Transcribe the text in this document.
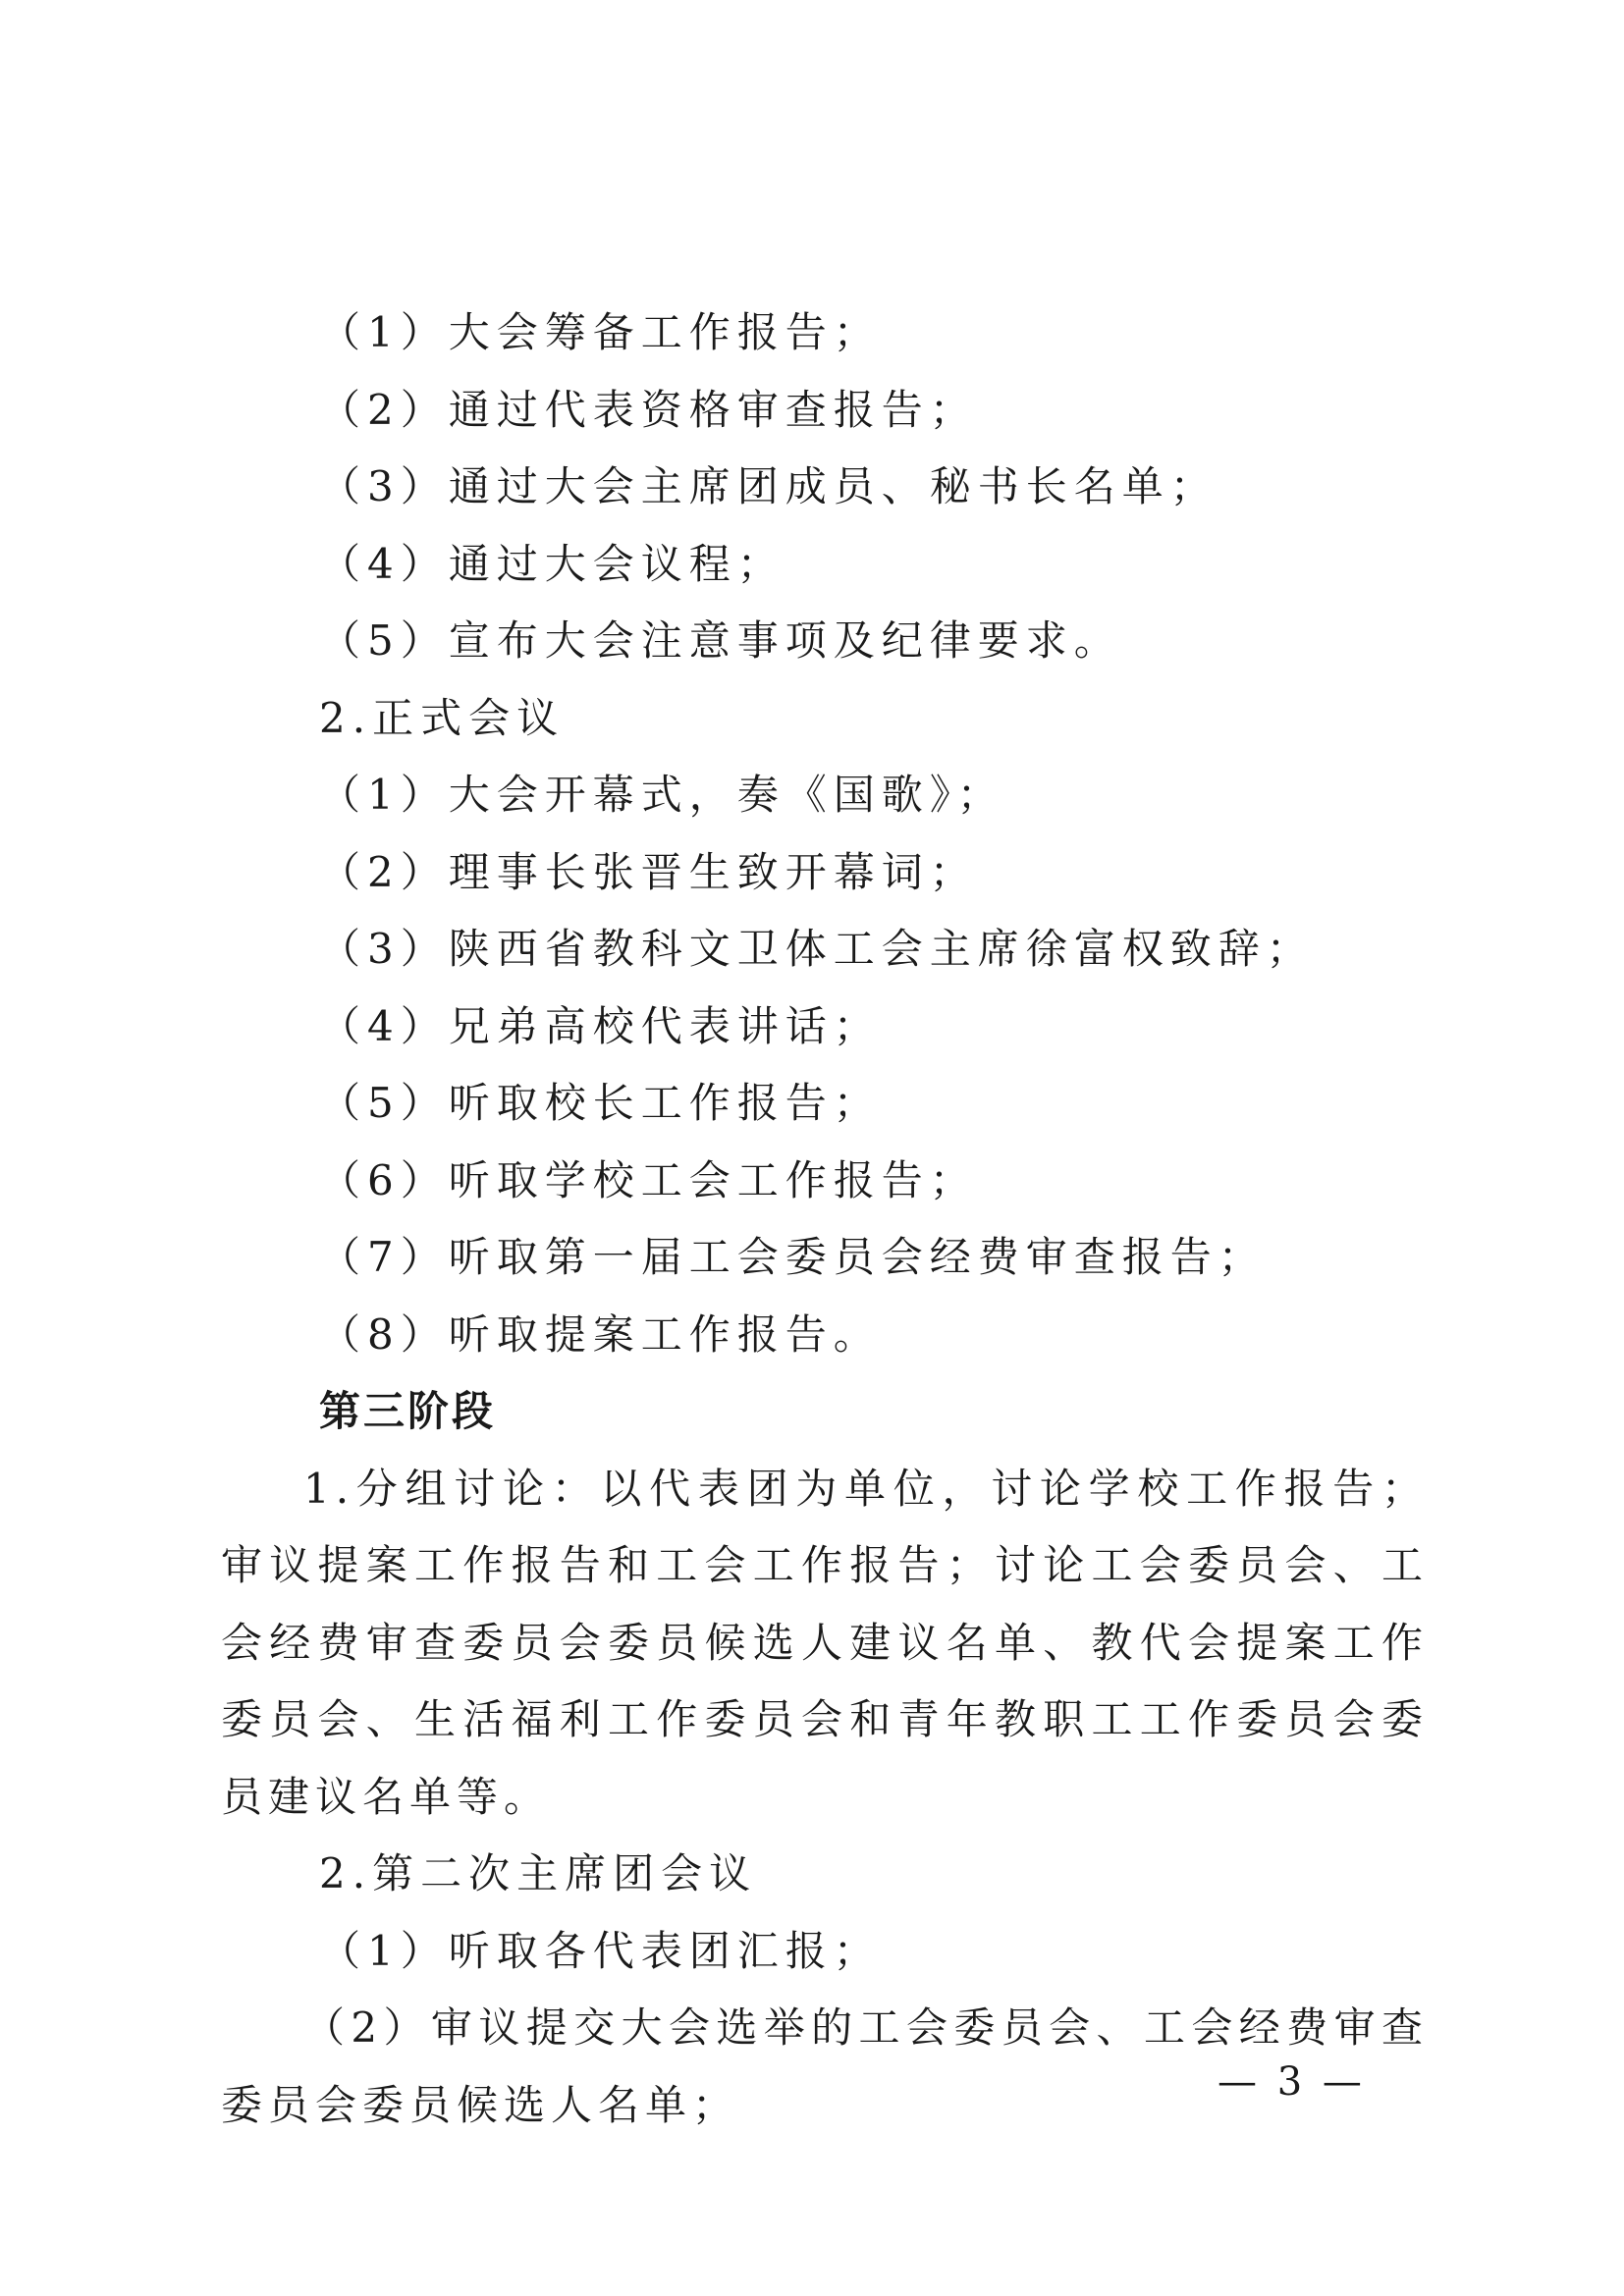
（1）大会筹备工作报告；
（2）通过代表资格审查报告；
（3）通过大会主席团成员、秘书长名单；
（4）通过大会议程；
（5）宣布大会注意事项及纪律要求。
2.正式会议
（1）大会开幕式，奏《国歌》；
（2）理事长张晋生致开幕词；
（3）陕西省教科文卫体工会主席徐富权致辞；
（4）兄弟高校代表讲话；
（5）听取校长工作报告；
（6）听取学校工会工作报告；
（7）听取第一届工会委员会经费审查报告；
（8）听取提案工作报告。
第三阶段

1.分组讨论：以代表团为单位，讨论学校工作报告；审议提案工作报告和工会工作报告；讨论工会委员会、工会经费审查委员会委员候选人建议名单、教代会提案工作委员会、生活福利工作委员会和青年教职工工作委员会委员建议名单等。

2.第二次主席团会议
（1）听取各代表团汇报；

（2）审议提交大会选举的工会委员会、工会经费审查委员会委员候选人名单；	— 3 —
